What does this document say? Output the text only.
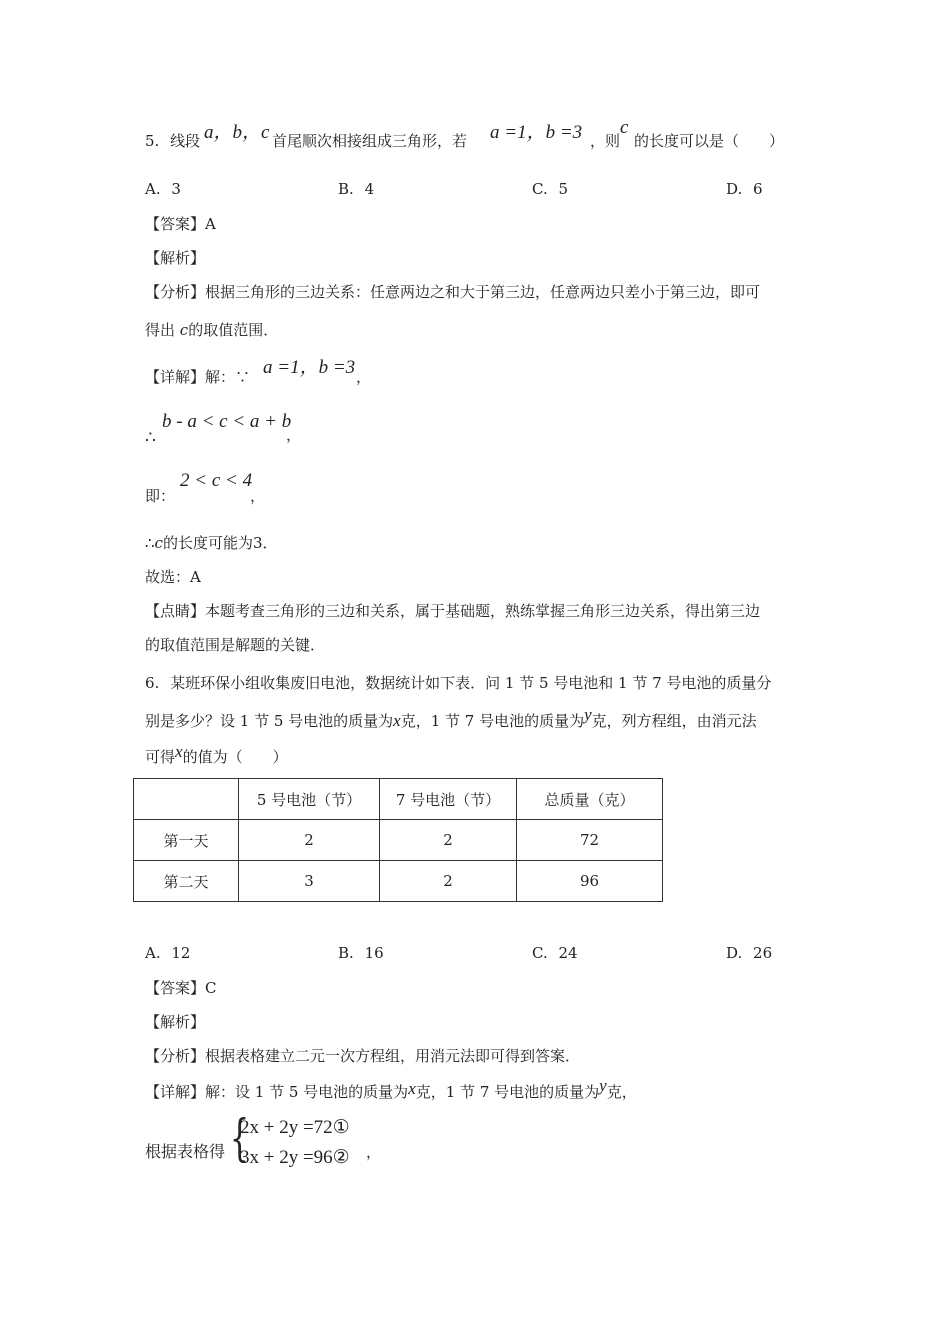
5. 线段 a，b，c 首尾顺次相接组成三角形，若 a =1，b =3 ，则
c
的长度可以是（　　）
A. 3	B. 4	C. 5	D. 6
【答案】A
【解析】
【分析】根据三角形的三边关系：任意两边之和大于第三边，任意两边只差小于第三边，即可
得出 c的取值范围．
【详解】解：∵ a =1，b =3 ，
∴
b - a < c < a + b
，
即：
2 < c < 4
，
∴c的长度可能为3．
故选：A
【点睛】本题考查三角形的三边和关系，属于基础题，熟练掌握三角形三边关系，得出第三边
的取值范围是解题的关键．
6. 某班环保小组收集废旧电池，数据统计如下表．问 1 节 5 号电池和 1 节 7 号电池的质量分
别是多少？设 1 节 5 号电池的质量为x克，1 节 7 号电池的质量为y克，列方程组，由消元法
可得x的值为（　　）
	5 号电池（节）	7 号电池（节）	总质量（克）
第一天	2	2	72
第二天	3	2	96
A. 12	B. 16	C. 24	D. 26
【答案】C
【解析】
【分析】根据表格建立二元一次方程组，用消元法即可得到答案．
【详解】解：设 1 节 5 号电池的质量为x克，1 节 7 号电池的质量为y克，
根据表格得 {
2x + 2y =72①
3x + 2y =96② ，
